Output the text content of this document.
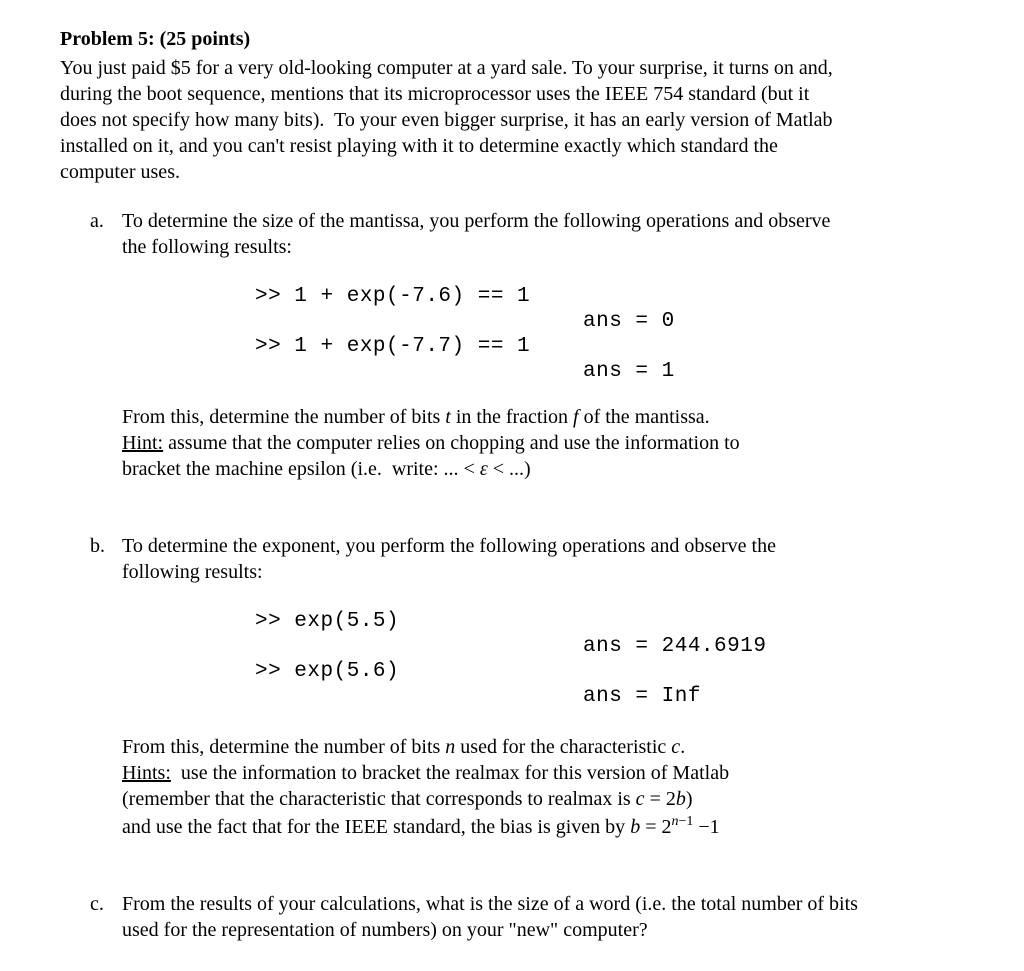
Problem 5: (25 points)
You just paid $5 for a very old-looking computer at a yard sale. To your surprise, it turns on and,
during the boot sequence, mentions that its microprocessor uses the IEEE 754 standard (but it
does not specify how many bits).  To your even bigger surprise, it has an early version of Matlab
installed on it, and you can't resist playing with it to determine exactly which standard the
computer uses.
a. To determine the size of the mantissa, you perform the following operations and observe
the following results:
>> 1 + exp(-7.6) == 1
ans = 0
>> 1 + exp(-7.7) == 1
ans = 1
From this, determine the number of bits t in the fraction f of the mantissa.
Hint: assume that the computer relies on chopping and use the information to
bracket the machine epsilon (i.e.  write: ... < ε < ...)
b. To determine the exponent, you perform the following operations and observe the
following results:
>> exp(5.5)
ans = 244.6919
>> exp(5.6)
ans = Inf
From this, determine the number of bits n used for the characteristic c.
Hints:  use the information to bracket the realmax for this version of Matlab
(remember that the characteristic that corresponds to realmax is c = 2b)
and use the fact that for the IEEE standard, the bias is given by $b = 2^{n-1} -1$
c. From the results of your calculations, what is the size of a word (i.e. the total number of bits
used for the representation of numbers) on your "new" computer?
